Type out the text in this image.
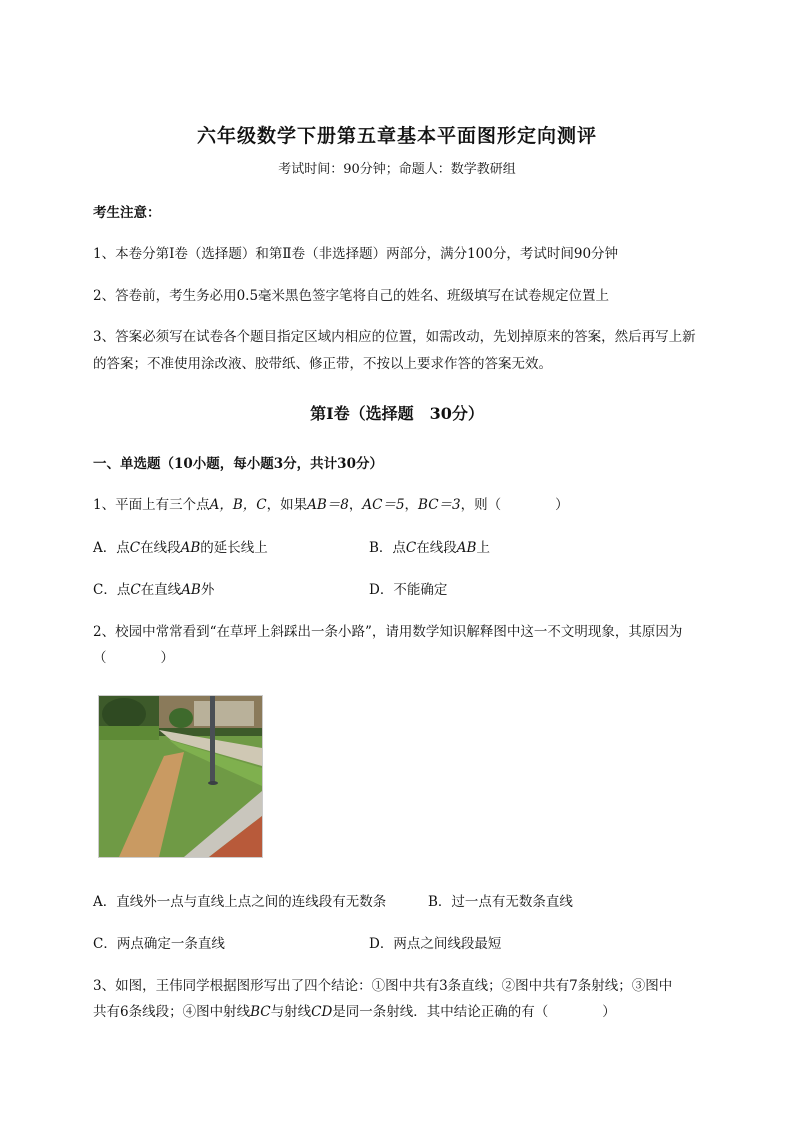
六年级数学下册第五章基本平面图形定向测评
考试时间：90分钟；命题人：数学教研组
考生注意：
1、本卷分第Ⅰ卷（选择题）和第Ⅱ卷（非选择题）两部分，满分100分，考试时间90分钟
2、答卷前，考生务必用0.5毫米黑色签字笔将自己的姓名、班级填写在试卷规定位置上
3、答案必须写在试卷各个题目指定区域内相应的位置，如需改动，先划掉原来的答案，然后再写上新
的答案；不准使用涂改液、胶带纸、修正带，不按以上要求作答的答案无效。
第Ⅰ卷（选择题　30分）
一、单选题（10小题，每小题3分，共计30分）
1、平面上有三个点A，B，C，如果AB＝8，AC＝5，BC＝3，则（　　　　）
A．点C在线段AB的延长线上	B．点C在线段AB上
C．点C在直线AB外	D．不能确定
2、校园中常常看到“在草坪上斜踩出一条小路”，请用数学知识解释图中这一不文明现象，其原因为
（　　　　）
A．直线外一点与直线上点之间的连线段有无数条	B．过一点有无数条直线
C．两点确定一条直线	D．两点之间线段最短
3、如图，王伟同学根据图形写出了四个结论：①图中共有3条直线；②图中共有7条射线；③图中
共有6条线段；④图中射线BC与射线CD是同一条射线．其中结论正确的有（　　　　）
